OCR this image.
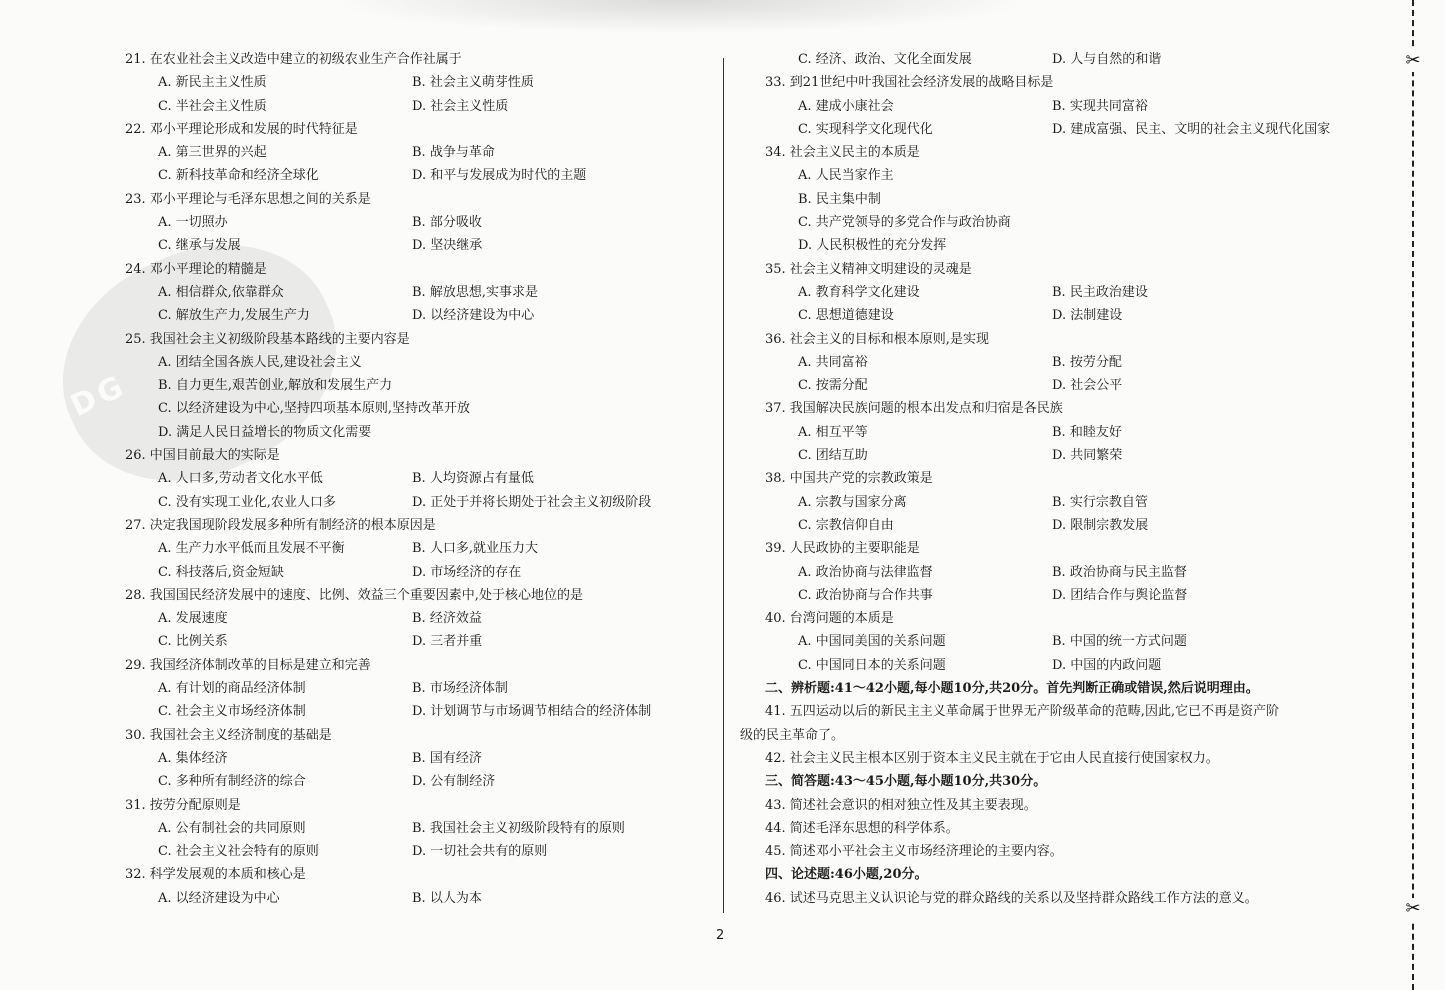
PDG
21. 在农业社会主义改造中建立的初级农业生产合作社属于
A. 新民主主义性质	B. 社会主义萌芽性质
C. 半社会主义性质	D. 社会主义性质
22. 邓小平理论形成和发展的时代特征是
A. 第三世界的兴起	B. 战争与革命
C. 新科技革命和经济全球化	D. 和平与发展成为时代的主题
23. 邓小平理论与毛泽东思想之间的关系是
A. 一切照办	B. 部分吸收
C. 继承与发展	D. 坚决继承
24. 邓小平理论的精髓是
A. 相信群众,依靠群众	B. 解放思想,实事求是
C. 解放生产力,发展生产力	D. 以经济建设为中心
25. 我国社会主义初级阶段基本路线的主要内容是
A. 团结全国各族人民,建设社会主义
B. 自力更生,艰苦创业,解放和发展生产力
C. 以经济建设为中心,坚持四项基本原则,坚持改革开放
D. 满足人民日益增长的物质文化需要
26. 中国目前最大的实际是
A. 人口多,劳动者文化水平低	B. 人均资源占有量低
C. 没有实现工业化,农业人口多	D. 正处于并将长期处于社会主义初级阶段
27. 决定我国现阶段发展多种所有制经济的根本原因是
A. 生产力水平低而且发展不平衡	B. 人口多,就业压力大
C. 科技落后,资金短缺	D. 市场经济的存在
28. 我国国民经济发展中的速度、比例、效益三个重要因素中,处于核心地位的是
A. 发展速度	B. 经济效益
C. 比例关系	D. 三者并重
29. 我国经济体制改革的目标是建立和完善
A. 有计划的商品经济体制	B. 市场经济体制
C. 社会主义市场经济体制	D. 计划调节与市场调节相结合的经济体制
30. 我国社会主义经济制度的基础是
A. 集体经济	B. 国有经济
C. 多种所有制经济的综合	D. 公有制经济
31. 按劳分配原则是
A. 公有制社会的共同原则	B. 我国社会主义初级阶段特有的原则
C. 社会主义社会特有的原则	D. 一切社会共有的原则
32. 科学发展观的本质和核心是
A. 以经济建设为中心	B. 以人为本
C. 经济、政治、文化全面发展	D. 人与自然的和谐
33. 到21世纪中叶我国社会经济发展的战略目标是
A. 建成小康社会	B. 实现共同富裕
C. 实现科学文化现代化	D. 建成富强、民主、文明的社会主义现代化国家
34. 社会主义民主的本质是
A. 人民当家作主
B. 民主集中制
C. 共产党领导的多党合作与政治协商
D. 人民积极性的充分发挥
35. 社会主义精神文明建设的灵魂是
A. 教育科学文化建设	B. 民主政治建设
C. 思想道德建设	D. 法制建设
36. 社会主义的目标和根本原则,是实现
A. 共同富裕	B. 按劳分配
C. 按需分配	D. 社会公平
37. 我国解决民族问题的根本出发点和归宿是各民族
A. 相互平等	B. 和睦友好
C. 团结互助	D. 共同繁荣
38. 中国共产党的宗教政策是
A. 宗教与国家分离	B. 实行宗教自管
C. 宗教信仰自由	D. 限制宗教发展
39. 人民政协的主要职能是
A. 政治协商与法律监督	B. 政治协商与民主监督
C. 政治协商与合作共事	D. 团结合作与舆论监督
40. 台湾问题的本质是
A. 中国同美国的关系问题	B. 中国的统一方式问题
C. 中国同日本的关系问题	D. 中国的内政问题
二、辨析题:41～42小题,每小题10分,共20分。首先判断正确或错误,然后说明理由。
41. 五四运动以后的新民主主义革命属于世界无产阶级革命的范畴,因此,它已不再是资产阶
级的民主革命了。
42. 社会主义民主根本区别于资本主义民主就在于它由人民直接行使国家权力。
三、简答题:43～45小题,每小题10分,共30分。
43. 简述社会意识的相对独立性及其主要表现。
44. 简述毛泽东思想的科学体系。
45. 简述邓小平社会主义市场经济理论的主要内容。
四、论述题:46小题,20分。
46. 试述马克思主义认识论与党的群众路线的关系以及坚持群众路线工作方法的意义。
2
✂
✂
